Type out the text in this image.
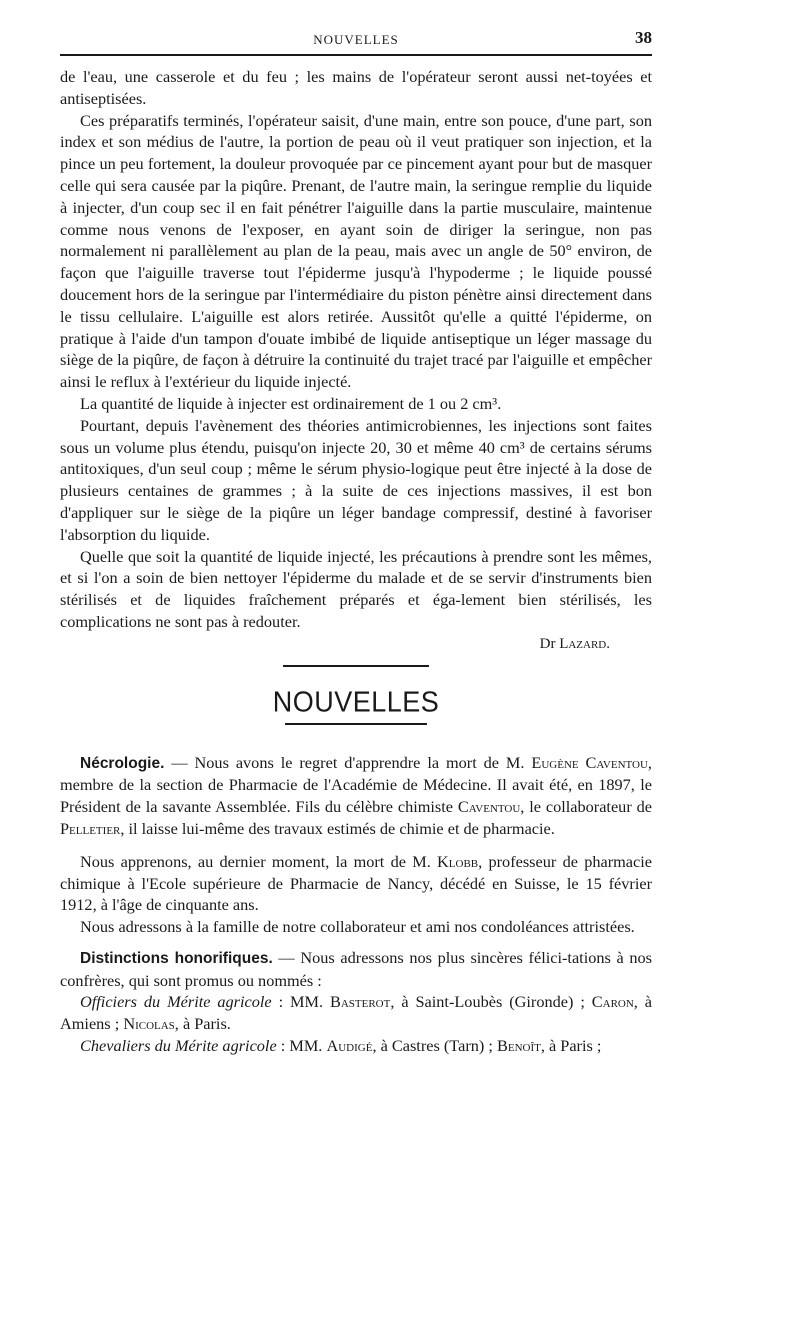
NOUVELLES	38

de l'eau, une casserole et du feu ; les mains de l'opérateur seront aussi net-toyées et antiseptisées.

Ces préparatifs terminés, l'opérateur saisit, d'une main, entre son pouce, d'une part, son index et son médius de l'autre, la portion de peau où il veut pratiquer son injection, et la pince un peu fortement, la douleur provoquée par ce pincement ayant pour but de masquer celle qui sera causée par la piqûre. Prenant, de l'autre main, la seringue remplie du liquide à injecter, d'un coup sec il en fait pénétrer l'aiguille dans la partie musculaire, maintenue comme nous venons de l'exposer, en ayant soin de diriger la seringue, non pas normalement ni parallèlement au plan de la peau, mais avec un angle de 50° environ, de façon que l'aiguille traverse tout l'épiderme jusqu'à l'hypoderme ; le liquide poussé doucement hors de la seringue par l'intermédiaire du piston pénètre ainsi directement dans le tissu cellulaire. L'aiguille est alors retirée. Aussitôt qu'elle a quitté l'épiderme, on pratique à l'aide d'un tampon d'ouate imbibé de liquide antiseptique un léger massage du siège de la piqûre, de façon à détruire la continuité du trajet tracé par l'aiguille et empêcher ainsi le reflux à l'extérieur du liquide injecté.

La quantité de liquide à injecter est ordinairement de 1 ou 2 cm³.

Pourtant, depuis l'avènement des théories antimicrobiennes, les injections sont faites sous un volume plus étendu, puisqu'on injecte 20, 30 et même 40 cm³ de certains sérums antitoxiques, d'un seul coup ; même le sérum physio-logique peut être injecté à la dose de plusieurs centaines de grammes ; à la suite de ces injections massives, il est bon d'appliquer sur le siège de la piqûre un léger bandage compressif, destiné à favoriser l'absorption du liquide.

Quelle que soit la quantité de liquide injecté, les précautions à prendre sont les mêmes, et si l'on a soin de bien nettoyer l'épiderme du malade et de se servir d'instruments bien stérilisés et de liquides fraîchement préparés et éga-lement bien stérilisés, les complications ne sont pas à redouter.

Dr Lazard.

NOUVELLES

Nécrologie. — Nous avons le regret d'apprendre la mort de M. Eugène Caventou, membre de la section de Pharmacie de l'Académie de Médecine. Il avait été, en 1897, le Président de la savante Assemblée. Fils du célèbre chimiste Caventou, le collaborateur de Pelletier, il laisse lui-même des travaux estimés de chimie et de pharmacie.

Nous apprenons, au dernier moment, la mort de M. Klobb, professeur de pharmacie chimique à l'Ecole supérieure de Pharmacie de Nancy, décédé en Suisse, le 15 février 1912, à l'âge de cinquante ans.

Nous adressons à la famille de notre collaborateur et ami nos condoléances attristées.

Distinctions honorifiques. — Nous adressons nos plus sincères félici-tations à nos confrères, qui sont promus ou nommés :

Officiers du Mérite agricole : MM. Basterot, à Saint-Loubès (Gironde) ; Caron, à Amiens ; Nicolas, à Paris.

Chevaliers du Mérite agricole : MM. Audigé, à Castres (Tarn) ; Benoît, à Paris ;
